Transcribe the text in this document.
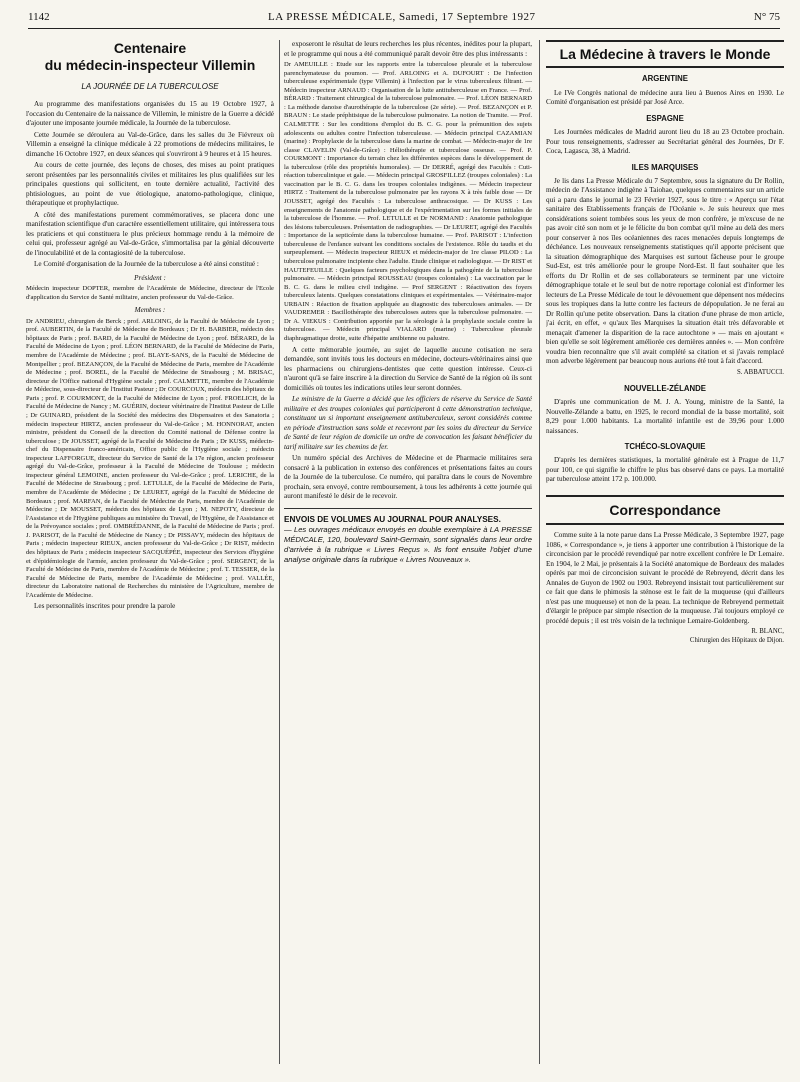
1142	LA PRESSE MÉDICALE, Samedi, 17 Septembre 1927	N° 75
Centenaire
du médecin-inspecteur Villemin
LA JOURNÉE DE LA TUBERCULOSE

Au programme des manifestations organisées du 15 au 19 Octobre 1927, à l'occasion du Centenaire de la naissance de Villemin, le ministre de la Guerre a décidé d'ajouter une imposante journée médicale, la Journée de la tuberculose.

Cette Journée se déroulera au Val-de-Grâce, dans les salles du 3e Fiévreux où Villemin a enseigné la clinique médicale à 22 promotions de médecins militaires, le dimanche 16 Octobre 1927, en deux séances qui s'ouvriront à 9 heures et à 15 heures.

Au cours de cette journée, des leçons de choses, des mises au point pratiques seront présentées par les personnalités civiles et militaires les plus qualifiées sur les principales questions qui sollicitent, en toute dernière actualité, l'activité des phtisiologues, au point de vue étiologique, anatomo-pathologique, clinique, thérapeutique et prophylactique.

A côté des manifestations purement commémoratives, se placera donc une manifestation scientifique d'un caractère essentiellement utilitaire, qui intéressera tous les praticiens et qui constituera le plus précieux hommage rendu à la mémoire de celui qui, professeur agrégé au Val-de-Grâce, s'immortalisa par la génial découverte de l'inoculabilité et de la contagiosité de la tuberculose.

Le Comité d'organisation de la Journée de la tuberculose a été ainsi constitué :

Président :

Médecin inspecteur DOPTER, membre de l'Académie de Médecine, directeur de l'Ecole d'application du Service de Santé militaire, ancien professeur du Val-de-Grâce.

Membres :

Dr ANDRIEU, chirurgien de Berck ; prof. ARLOING, de la Faculté de Médecine de Lyon ; prof. AUBERTIN, de la Faculté de Médecine de Bordeaux ; Dr H. BARBIER, médecin des hôpitaux de Paris ; prof. BARD, de la Faculté de Médecine de Lyon ; prof. BÉRARD, de la Faculté de Médecine de Lyon ; prof. LÉON BERNARD, de la Faculté de Médecine de Paris, membre de l'Académie de Médecine ; prof. BLAYE-SANS, de la Faculté de Médecine de Montpellier ; prof. BEZANÇON, de la Faculté de Médecine de Paris, membre de l'Académie de Médecine ; prof. BOREL, de la Faculté de Médecine de Strasbourg ; M. BRISAC, directeur de l'Office national d'Hygiène sociale ; prof. CALMETTE, membre de l'Académie de Médecine, sous-directeur de l'Institut Pasteur ; Dr COURCOUX, médecin des hôpitaux de Paris ; prof. P. COURMONT, de la Faculté de Médecine de Lyon ; prof. FROELICH, de la Faculté de Médecine de Nancy ; M. GUÉRIN, docteur vétérinaire de l'Institut Pasteur de Lille ; Dr GUINARD, président de la Société des médecins des Dispensaires et des Sanatoria ; médecin inspecteur HIRTZ, ancien professeur du Val-de-Grâce ; M. HONNORAT, ancien ministre, président du Conseil de la direction du Comité national de Défense contre la tuberculose ; Dr JOUSSET, agrégé de la Faculté de Médecine de Paris ; Dr KUSS, médecin-chef du Dispensaire franco-américain, Office public de l'Hygiène sociale ; médecin inspecteur LAFFORGUE, directeur du Service de Santé de la 17e région, ancien professeur agrégé du Val-de-Grâce, professeur à la Faculté de Médecine de Toulouse ; médecin inspecteur général LEMOINE, ancien professeur du Val-de-Grâce ; prof. LERICHE, de la Faculté de Médecine de Strasbourg ; prof. LETULLE, de la Faculté de Médecine de Paris, membre de l'Académie de Médecine ; Dr LEURET, agrégé de la Faculté de Médecine de Bordeaux ; prof. MARFAN, de la Faculté de Médecine de Paris, membre de l'Académie de Médecine ; Dr MOUSSET, médecin des hôpitaux de Lyon ; M. NEPOTY, directeur de l'Assistance et de l'Hygiène publiques au ministère du Travail, de l'Hygiène, de l'Assistance et de la Prévoyance sociales ; prof. OMBRÉDANNE, de la Faculté de Médecine de Paris ; prof. J. PARISOT, de la Faculté de Médecine de Nancy ; Dr PISSAVY, médecin des hôpitaux de Paris ; médecin inspecteur RIEUX, ancien professeur du Val-de-Grâce ; Dr RIST, médecin des hôpitaux de Paris ; médecin inspecteur SACQUÉPÉE, inspecteur des Services d'hygiène et d'épidémiologie de l'armée, ancien professeur du Val-de-Grâce ; prof. SERGENT, de la Faculté de Médecine de Paris, membre de l'Académie de Médecine ; prof. T. TESSIER, de la Faculté de Médecine de Paris, membre de l'Académie de Médecine ; prof. VALLÉE, directeur du Laboratoire national de Recherches du ministère de l'Agriculture, membre de l'Académie de Médecine.

Les personnalités inscrites pour prendre la parole

exposeront le résultat de leurs recherches les plus récentes, inédites pour la plupart, et le programme qui nous a été communiqué paraît devoir être des plus intéressants :

Dr AMEUILLE : Etude sur les rapports entre la tuberculose pleurale et la tuberculose parenchymateuse du poumon. — Prof. ARLOING et A. DUFOURT : De l'infection tuberculeuse expérimentale (type Villemin) à l'infection par le virus tuberculeux filtrant. — Médecin inspecteur ARNAUD : Organisation de la lutte antituberculeuse en France. — Prof. BÉRARD : Traitement chirurgical de la tuberculose pulmonaire. — Prof. LÉON BERNARD : La méthode danoise d'aurothérapie de la tuberculose (2e série). — Prof. BEZANÇON et P. BRAUN : Le stade préphtisique de la tuberculose pulmonaire. La notion de Tramite. — Prof. CALMETTE : Sur les conditions d'emploi du B. C. G. pour la prémunition des sujets adolescents ou adultes contre l'infection tuberculeuse. — Médecin principal CAZAMIAN (marine) : Prophylaxie de la tuberculose dans la marine de combat. — Médecin-major de 1re classe CLAVELIN (Val-de-Grâce) : Héliothérapie et tuberculose osseuse. — Prof. P. COURMONT : Importance du terrain chez les différentes espèces dans le développement de la tuberculose (rôle des propriétés humorales). — Dr DERRÉ, agrégé des Facultés : Cuti-réaction tuberculinique et gale. — Médecin principal GROSFILLEZ (troupes coloniales) : La vaccination par le B. C. G. dans les troupes coloniales indigènes. — Médecin inspecteur HIRTZ : Traitement de la tuberculose pulmonaire par les rayons X à très faible dose — Dr JOUSSET, agrégé des Facultés : La tuberculose anthracosique. — Dr KUSS : Les enseignements de l'anatomie pathologique et de l'expérimentation sur les formes initiales de la tuberculose de l'homme. — Prof. LETULLE et Dr NORMAND : Anatomie pathologique des lésions tuberculeuses. Présentation de radiographies. — Dr LEURET, agrégé des Facultés : Importance de la septicémie dans la tuberculose humaine. — Prof. PARISOT : L'infection tuberculeuse de l'enfance suivant les conditions sociales de l'existence. Rôle du taudis et du surpeuplement. — Médecin inspecteur RIEUX et médecin-major de 1re classe PILOD : La tuberculose pulmonaire incipiente chez l'adulte. Etude clinique et radiologique. — Dr RIST et HAUTEFEUILLE : Quelques facteurs psychologiques dans la pathogénie de la tuberculose pulmonaire. — Médecin principal ROUSSEAU (troupes coloniales) : La vaccination par le B. C. G. dans le milieu civil indigène. — Prof SERGENT : Réactivation des foyers tuberculeux latents. Quelques constatations cliniques et expérimentales. — Vétérinaire-major URBAIN : Réaction de fixation appliquée au diagnostic des tuberculoses animales. — Dr VAUDREMER : Bacillothérapie des tuberculoses autres que la tuberculose pulmonaire. — Dr A. VIEKUS : Contribution apportée par la sérologie à la prophylaxie sociale contre la tuberculose. — Médecin principal VIALARD (marine) : Tuberculose pleurale diaphragmatique droite, suite d'hépatite amibienne ou palustre.

A cette mémorable journée, au sujet de laquelle aucune cotisation ne sera demandée, sont invités tous les docteurs en médecine, docteurs-vétérinaires ainsi que les pharmaciens ou chirurgiens-dentistes que cette question intéresse. Ceux-ci n'auront qu'à se faire inscrire à la direction du Service de Santé de la région où ils sont domiciliés où toutes les indications utiles leur seront données.

Le ministre de la Guerre a décidé que les officiers de réserve du Service de Santé militaire et des troupes coloniales qui participeront à cette démonstration technique, constituant un si important enseignement antituberculeux, seront considérés comme en période d'instruction sans solde et recevront par les soins du directeur du Service de Santé de leur région de domicile un ordre de convocation les faisant bénéficier du tarif militaire sur les chemins de fer.

Un numéro spécial des Archives de Médecine et de Pharmacie militaires sera consacré à la publication in extenso des conférences et présentations faites au cours de la Journée de la tuberculose. Ce numéro, qui paraîtra dans le cours de Novembre prochain, sera envoyé, contre remboursement, à tous les adhérents à cette journée qui auront manifesté le désir de le recevoir.

ENVOIS DE VOLUMES AU JOURNAL POUR ANALYSES.
— Les ouvrages médicaux envoyés en double exemplaire à LA PRESSE MÉDICALE, 120, boulevard Saint-Germain, sont signalés dans leur ordre d'arrivée à la rubrique « Livres Reçus ». Ils font ensuite l'objet d'une analyse originale dans la rubrique « Livres Nouveaux ».
La Médecine à travers le Monde
ARGENTINE

Le IVe Congrès national de médecine aura lieu à Buenos Aires en 1930. Le Comité d'organisation est présidé par José Arce.

ESPAGNE

Les Journées médicales de Madrid auront lieu du 18 au 23 Octobre prochain. Pour tous renseignements, s'adresser au Secrétariat général des Journées, Dr F. Coca, Lagasca, 38, à Madrid.

ILES MARQUISES

Je lis dans La Presse Médicale du 7 Septembre, sous la signature du Dr Rollin, médecin de l'Assistance indigène à Taiohae, quelques commentaires sur un article qui a paru dans le journal le 23 Février 1927, sous le titre : « Aperçu sur l'état sanitaire des Etablissements français de l'Océanie ». Je suis heureux que mes considérations soient tombées sous les yeux de mon confrère, je m'excuse de ne pas avoir cité son nom et je le félicite du bon combat qu'il mène au delà des mers pour conserver à nos îles océaniennes des races menacées depuis longtemps de déchéance. Les nouveaux renseignements statistiques qu'il apporte précisent que la situation démographique des Marquises est surtout fâcheuse pour le groupe Sud-Est, est très améliorée pour le groupe Nord-Est. Il faut souhaiter que les efforts du Dr Rollin et de ses collaborateurs se terminent par une victoire démographique totale et le seul but de notre reportage colonial est d'informer les lecteurs de La Presse Médicale de tout le dévouement que dépensent nos médecins sous les tropiques dans la lutte contre les facteurs de dépopulation. Je ne ferai au Dr Rollin qu'une petite observation. Dans la citation d'une phrase de mon article, j'ai écrit, en effet, « qu'aux îles Marquises la situation était très défavorable et menaçait d'amener la disparition de la race autochtone » — mais en ajoutant « bien qu'elle se soit légèrement améliorée ces dernières années ». — Mon confrère voudra bien reconnaître que s'il avait complété sa citation et si j'avais remplacé mon adverbe légèrement par beaucoup nous aurions été tout à fait d'accord.

S. ABBATUCCI.
NOUVELLE-ZÉLANDE

D'après une communication de M. J. A. Young, ministre de la Santé, la Nouvelle-Zélande a battu, en 1925, le record mondial de la basse mortalité, soit 8,29 pour 1.000 habitants. La mortalité infantile est de 39,96 pour 1.000 naissances.

TCHÉCO-SLOVAQUIE

D'après les dernières statistiques, la mortalité générale est à Prague de 11,7 pour 100, ce qui signifie le chiffre le plus bas observé dans ce pays. La mortalité par tuberculose atteint 172 p. 100.000.

Correspondance

Comme suite à la note parue dans La Presse Médicale, 3 Septembre 1927, page 1086, « Correspondance », je tiens à apporter une contribution à l'historique de la circoncision par le procédé revendiqué par notre excellent confrère le Dr Lemaire. En 1904, le 2 Mai, je présentais à la Société anatomique de Bordeaux des malades opérés par moi de circoncision suivant le procédé de Rebreyend, décrit dans les Annales de Guyon de 1902 ou 1903. Rebreyend insistait tout particulièrement sur ce fait que dans le phimosis la sténose est le fait de la muqueuse (qui d'ailleurs n'est pas une muqueuse) et non de la peau. La technique de Rebreyend permettait d'élargir le prépuce par simple résection de la muqueuse. J'ai toujours employé ce procédé depuis ; il est très voisin de la technique Lemaire-Goldenberg.

R. BLANC,
Chirurgien des Hôpitaux de Dijon.
